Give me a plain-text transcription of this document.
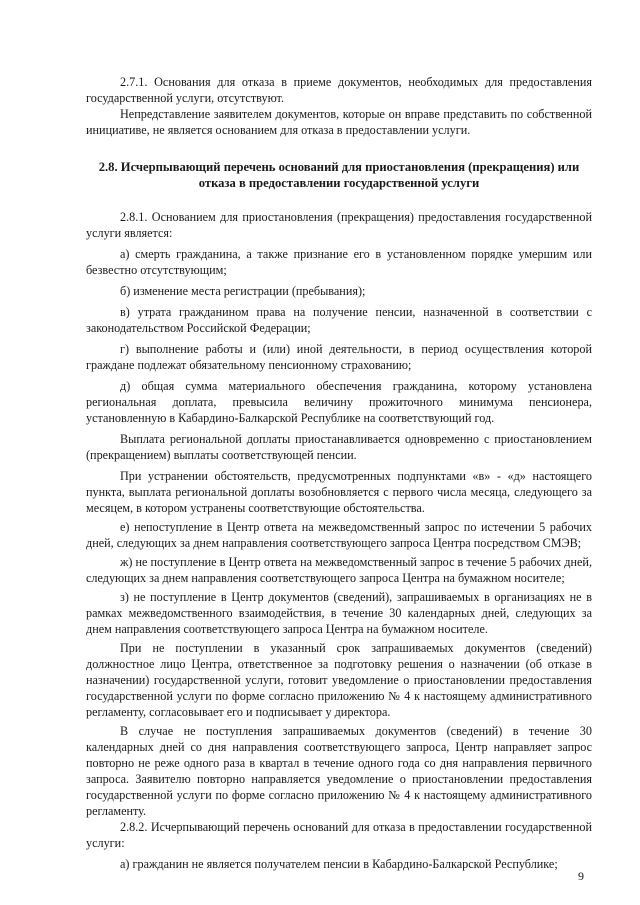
2.7.1. Основания для отказа в приеме документов, необходимых для предоставления государственной услуги, отсутствуют.

Непредставление заявителем документов, которые он вправе представить по собственной инициативе, не является основанием для отказа в предоставлении услуги.

2.8. Исчерпывающий перечень оснований для приостановления (прекращения) или отказа в предоставлении государственной услуги

2.8.1. Основанием для приостановления (прекращения) предоставления государственной услуги является:

а) смерть гражданина, а также признание его в установленном порядке умершим или безвестно отсутствующим;

б) изменение места регистрации (пребывания);

в) утрата гражданином права на получение пенсии, назначенной в соответствии с законодательством Российской Федерации;

г) выполнение работы и (или) иной деятельности, в период осуществления которой граждане подлежат обязательному пенсионному страхованию;

д) общая сумма материального обеспечения гражданина, которому установлена региональная доплата, превысила величину прожиточного минимума пенсионера, установленную в Кабардино-Балкарской Республике на соответствующий год.

Выплата региональной доплаты приостанавливается одновременно с приостановлением (прекращением) выплаты соответствующей пенсии.

При устранении обстоятельств, предусмотренных подпунктами «в» - «д» настоящего пункта, выплата региональной доплаты возобновляется с первого числа месяца, следующего за месяцем, в котором устранены соответствующие обстоятельства.

е) непоступление в Центр ответа на межведомственный запрос по истечении 5 рабочих дней, следующих за днем направления соответствующего запроса Центра посредством СМЭВ;

ж) не поступление в Центр ответа на межведомственный запрос в течение 5 рабочих дней, следующих за днем направления соответствующего запроса Центра на бумажном носителе;

з) не поступление в Центр документов (сведений), запрашиваемых в организациях не в рамках межведомственного взаимодействия, в течение 30 календарных дней, следующих за днем направления соответствующего запроса Центра на бумажном носителе.

При не поступлении в указанный срок запрашиваемых документов (сведений) должностное лицо Центра, ответственное за подготовку решения о назначении (об отказе в назначении) государственной услуги, готовит уведомление о приостановлении предоставления государственной услуги по форме согласно приложению № 4 к настоящему административного регламенту, согласовывает его и подписывает у директора.

В случае не поступления запрашиваемых документов (сведений) в течение 30 календарных дней со дня направления соответствующего запроса, Центр направляет запрос повторно не реже одного раза в квартал в течение одного года со дня направления первичного запроса. Заявителю повторно направляется уведомление о приостановлении предоставления государственной услуги по форме согласно приложению № 4 к настоящему административного регламенту.

2.8.2. Исчерпывающий перечень оснований для отказа в предоставлении государственной услуги:

а) гражданин не является получателем пенсии в Кабардино-Балкарской Республике;

9
